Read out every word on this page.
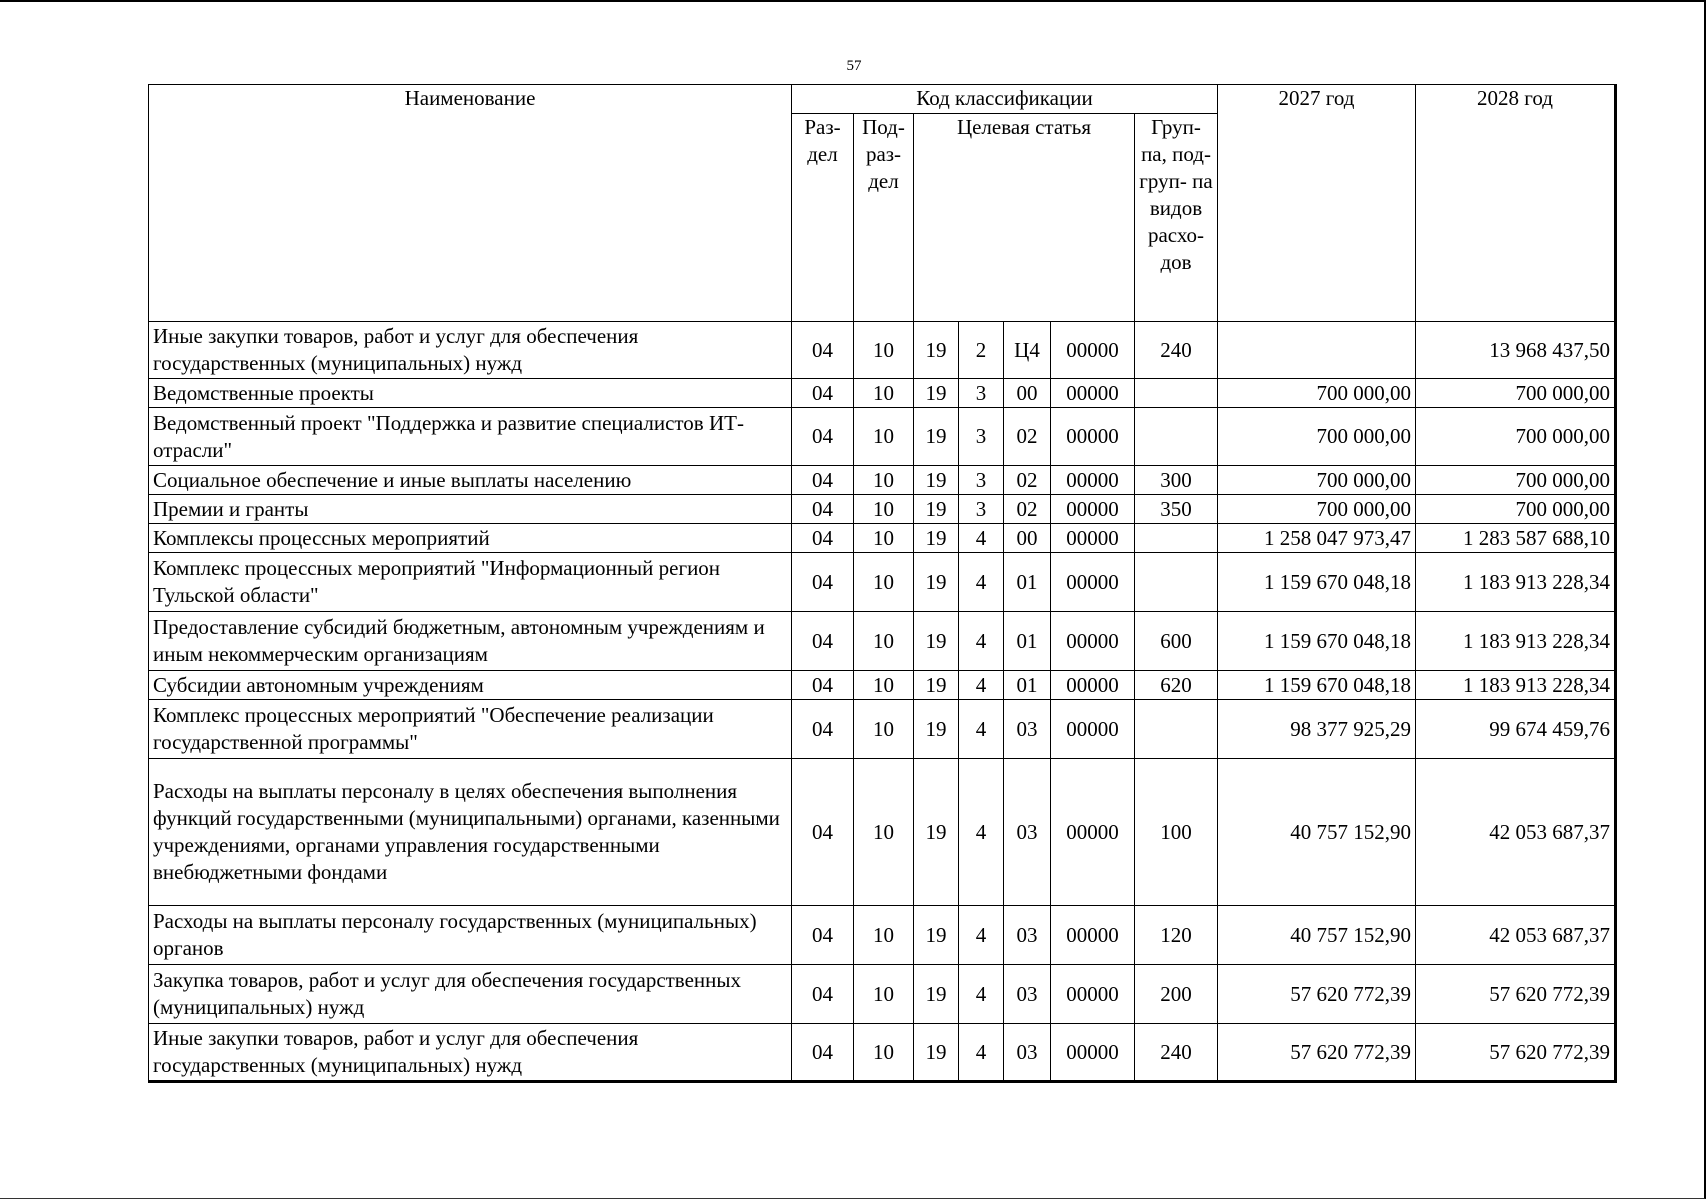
57
Наименование	Код классификации							2027 год	2028 год
	Раз- дел	Под- раз- дел	Целевая статья				Груп- па, под- груп- па видов расхо- дов		
Иные закупки товаров, работ и услуг для обеспечения государственных (муниципальных) нужд	04	10	19	2	Ц4	00000	240		13 968 437,50
Ведомственные проекты	04	10	19	3	00	00000		700 000,00	700 000,00
Ведомственный проект "Поддержка и развитие специалистов ИТ-отрасли"	04	10	19	3	02	00000		700 000,00	700 000,00
Социальное обеспечение и иные выплаты населению	04	10	19	3	02	00000	300	700 000,00	700 000,00
Премии и гранты	04	10	19	3	02	00000	350	700 000,00	700 000,00
Комплексы процессных мероприятий	04	10	19	4	00	00000		1 258 047 973,47	1 283 587 688,10
Комплекс процессных мероприятий "Информационный регион Тульской области"	04	10	19	4	01	00000		1 159 670 048,18	1 183 913 228,34
Предоставление субсидий бюджетным, автономным учреждениям и иным некоммерческим организациям	04	10	19	4	01	00000	600	1 159 670 048,18	1 183 913 228,34
Субсидии автономным учреждениям	04	10	19	4	01	00000	620	1 159 670 048,18	1 183 913 228,34
Комплекс процессных мероприятий "Обеспечение реализации государственной программы"	04	10	19	4	03	00000		98 377 925,29	99 674 459,76
Расходы на выплаты персоналу в целях обеспечения выполнения функций государственными (муниципальными) органами, казенными учреждениями, органами управления государственными внебюджетными фондами	04	10	19	4	03	00000	100	40 757 152,90	42 053 687,37
Расходы на выплаты персоналу государственных (муниципальных) органов	04	10	19	4	03	00000	120	40 757 152,90	42 053 687,37
Закупка товаров, работ и услуг для обеспечения государственных (муниципальных) нужд	04	10	19	4	03	00000	200	57 620 772,39	57 620 772,39
Иные закупки товаров, работ и услуг для обеспечения государственных (муниципальных) нужд	04	10	19	4	03	00000	240	57 620 772,39	57 620 772,39
